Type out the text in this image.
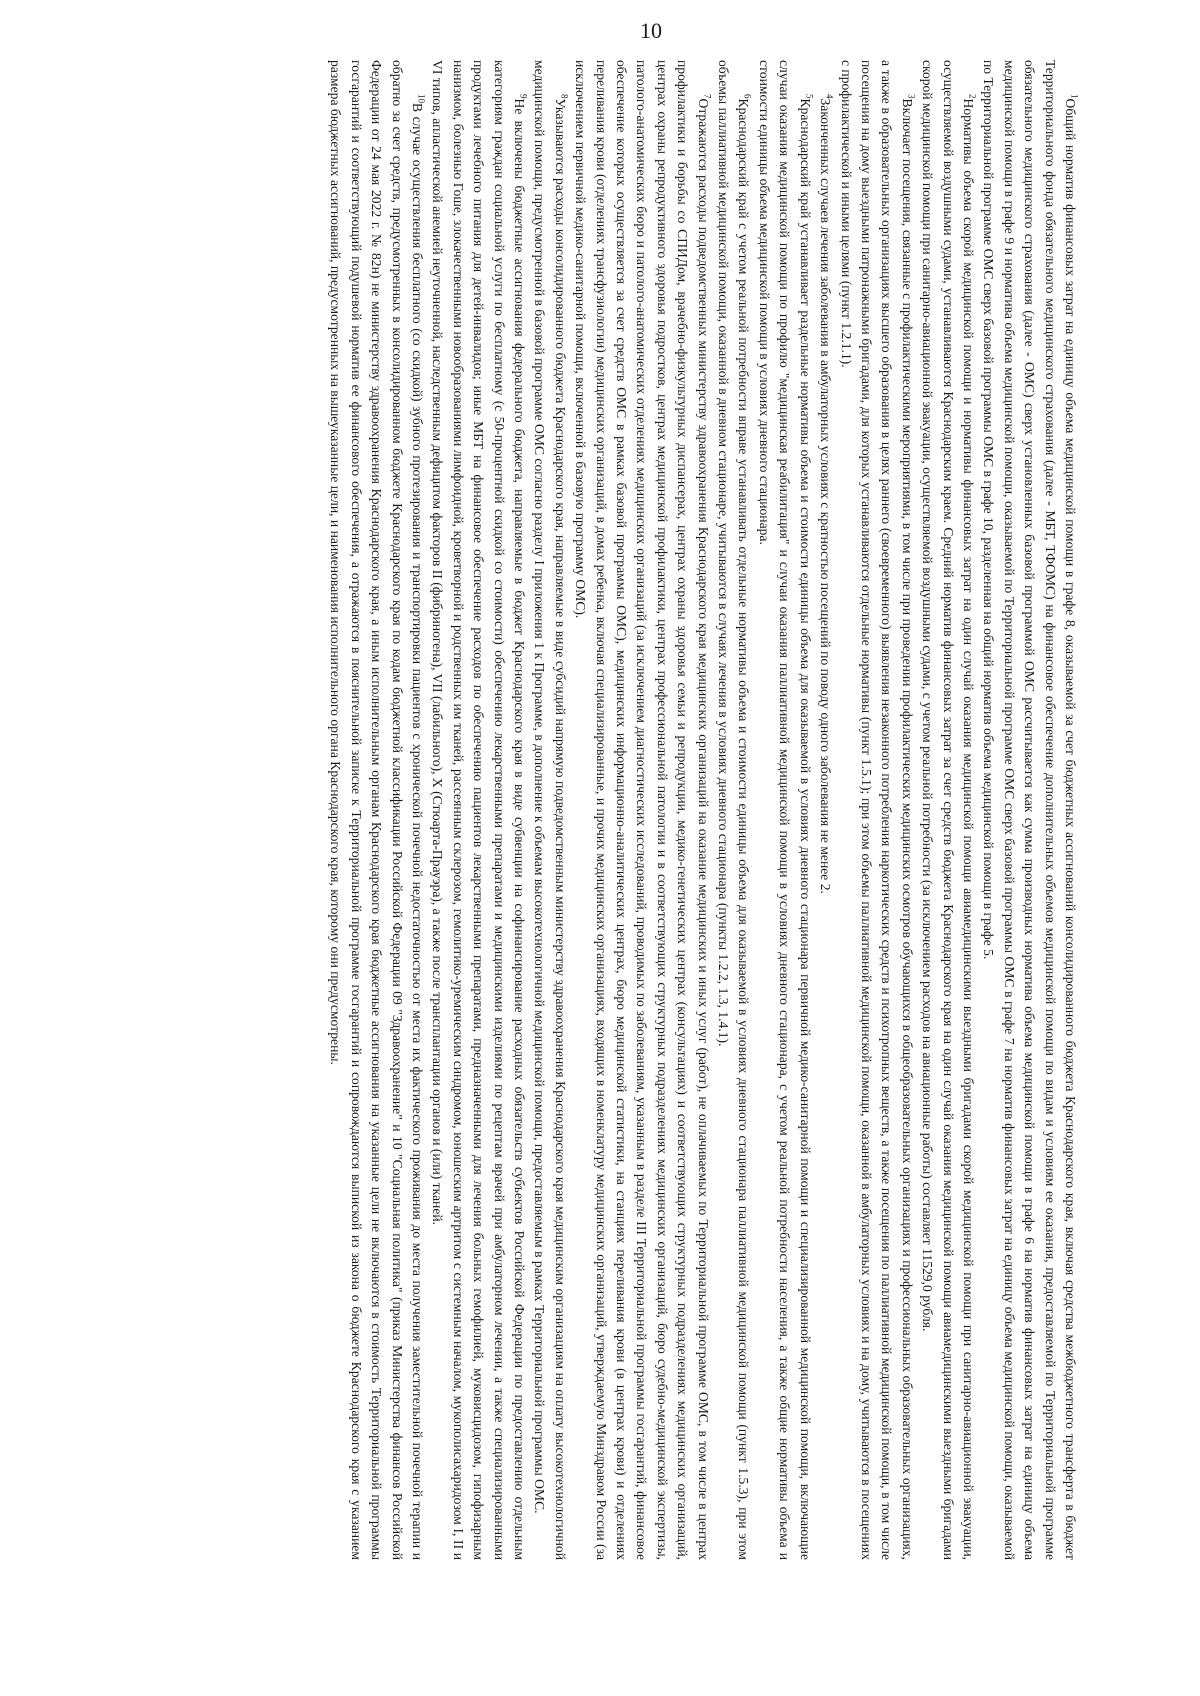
10

$^1$Общий норматив финансовых затрат на единицу объема медицинской помощи в графе 8, оказываемой за счет бюджетных ассигнований консолидированного бюджета Краснодарского края, включая средства межбюджетного трансферта в бюджет Территориального фонда обязательного медицинского страхования (далее - МБТ, ТФОМС) на финансовое обеспечение дополнительных объемов медицинской помощи по видам и условиям ее оказания, предоставляемой по Территориальной программе обязательного медицинского страхования (далее - ОМС) сверх установленных базовой программой ОМС рассчитывается как сумма производных норматива объема медицинской помощи в графе 6 на норматив финансовых затрат на единицу объема медицинской помощи в графе 9 и норматива объема медицинской помощи, оказываемой по Территориальной программе ОМС сверх базовой программы ОМС в графе 7 на норматив финансовых затрат на единицу объема медицинской помощи, оказываемой по Территориальной программе ОМС сверх базовой программы ОМС в графе 10, разделенная на общий норматив объема медицинской помощи в графе 5.

$^2$Нормативы объема скорой медицинской помощи и нормативы финансовых затрат на один случай оказания медицинской помощи авиамедицинскими выездными бригадами скорой медицинской помощи при санитарно-авиационной эвакуации, осуществляемой воздушными судами, устанавливаются Краснодарским краем. Средний норматив финансовых затрат за счет средств бюджета Краснодарского края на один случай оказания медицинской помощи авиамедицинскими выездными бригадами скорой медицинской помощи при санитарно-авиационной эвакуации, осуществляемой воздушными судами, с учетом реальной потребности (за исключением расходов на авиационные работы) составляет 11529,0 рубля.

$^3$Включает посещения, связанные с профилактическими мероприятиями, в том числе при проведении профилактических медицинских осмотров обучающихся в общеобразовательных организациях и профессиональных образовательных организациях, а также в образовательных организациях высшего образования в целях раннего (своевременного) выявления незаконного потребления наркотических средств и психотропных веществ, а также посещения по паллиативной медицинской помощи, в том числе посещения на дому выездными патронажными бригадами, для которых устанавливаются отдельные нормативы (пункт 1.5.1); при этом объемы паллиативной медицинской помощи, оказанной в амбулаторных условиях и на дому, учитываются в посещениях с профилактической и иными целями (пункт 1.2.1.1).

$^4$Законченных случаев лечения заболевания в амбулаторных условиях с кратностью посещений по поводу одного заболевания не менее 2.

$^5$Краснодарский край устанавливает раздельные нормативы объема и стоимости единицы объема для оказываемой в условиях дневного стационара первичной медико-санитарной помощи и специализированной медицинской помощи, включающие случаи оказания медицинской помощи по профилю "медицинская реабилитация" и случаи оказания паллиативной медицинской помощи в условиях дневного стационара, с учетом реальной потребности населения, а также общие нормативы объема и стоимости единицы объема медицинской помощи в условиях дневного стационара.

$^6$Краснодарский край с учетом реальной потребности вправе устанавливать отдельные нормативы объема и стоимости единицы объема для оказываемой в условиях дневного стационара паллиативной медицинской помощи (пункт 1.5.3), при этом объемы паллиативной медицинской помощи, оказанной в дневном стационаре, учитываются в случаях лечения в условиях дневного стационара (пункты 1.2.2, 1.3, 1.4.1).

$^7$Отражаются расходы подведомственных министерству здравоохранения Краснодарского края медицинских организаций на оказание медицинских и иных услуг (работ), не оплачиваемых по Территориальной программе ОМС, в том числе в центрах профилактики и борьбы со СПИДом, врачебно-физкультурных диспансерах, центрах охраны здоровья семьи и репродукции, медико-генетических центрах (консультациях) и соответствующих структурных подразделениях медицинских организаций, центрах охраны репродуктивного здоровья подростков, центрах медицинской профилактики, центрах профессиональной патологии и в соответствующих структурных подразделениях медицинских организаций, бюро судебно-медицинской экспертизы, патолого-анатомических бюро и патолого-анатомических отделениях медицинских организаций (за исключением диагностических исследований, проводимых по заболеваниям, указанным в разделе III Территориальной программы госгарантий, финансовое обеспечение которых осуществляется за счет средств ОМС в рамках базовой программы ОМС), медицинских информационно-аналитических центрах, бюро медицинской статистики, на станциях переливания крови (в центрах крови) и отделениях переливания крови (отделениях трансфузиологии) медицинских организаций, в домах ребенка, включая специализированные, и прочих медицинских организациях, входящих в номенклатуру медицинских организаций, утверждаемую Минздравом России (за исключением первичной медико-санитарной помощи, включенной в базовую программу ОМС).

$^8$Указываются расходы консолидированного бюджета Краснодарского края, направляемые в виде субсидий напрямую подведомственным министерству здравоохранения Краснодарского края медицинским организациям на оплату высокотехнологичной медицинской помощи, предусмотренной в базовой программе ОМС согласно разделу I приложения 1 к Программе, в дополнение к объемам высокотехнологичной медицинской помощи, предоставляемым в рамках Территориальной программы ОМС.

$^9$Не включены бюджетные ассигнования федерального бюджета, направляемые в бюджет Краснодарского края в виде субвенции на софинансирование расходных обязательств субъектов Российской Федерации по предоставлению отдельным категориям граждан социальной услуги по бесплатному (с 50-процентной скидкой со стоимости) обеспечению лекарственными препаратами и медицинскими изделиями по рецептам врачей при амбулаторном лечении, а также специализированными продуктами лечебного питания для детей-инвалидов; иные МБТ на финансовое обеспечение расходов по обеспечению пациентов лекарственными препаратами, предназначенными для лечения больных гемофилией, муковисцидозом, гипофизарным нанизмом, болезнью Гоше, злокачественными новообразованиями лимфоидной, кроветворной и родственных им тканей, рассеянным склерозом, гемолитико-уремическим синдромом, юношеским артритом с системным началом, мукополисахаридозом I, II и VI типов, апластической анемией неуточненной, наследственным дефицитом факторов II (фибриногена), VII (лабильного), X (Стюарта-Прауэра), а также после трансплантации органов и (или) тканей.

$^{10}$В случае осуществления бесплатного (со скидкой) зубного протезирования и транспортировки пациентов с хронической почечной недостаточностью от места их фактического проживания до места получения заместительной почечной терапии и обратно за счет средств, предусмотренных в консолидированном бюджете Краснодарского края по кодам бюджетной классификации Российской Федерации 09 "Здравоохранение" и 10 "Социальная политика" (приказ Министерства финансов Российской Федерации от 24 мая 2022 г. № 82н) не министерству здравоохранения Краснодарского края, а иным исполнительным органам Краснодарского края бюджетные ассигнования на указанные цели не включаются в стоимость Территориальной программы госгарантий и соответствующий подушевой норматив ее финансового обеспечения, а отражаются в пояснительной записке к Территориальной программе госгарантий и сопровождаются выпиской из закона о бюджете Краснодарского края с указанием размера бюджетных ассигнований, предусмотренных на вышеуказанные цели, и наименования исполнительного органа Краснодарского края, которому они предусмотрены.
